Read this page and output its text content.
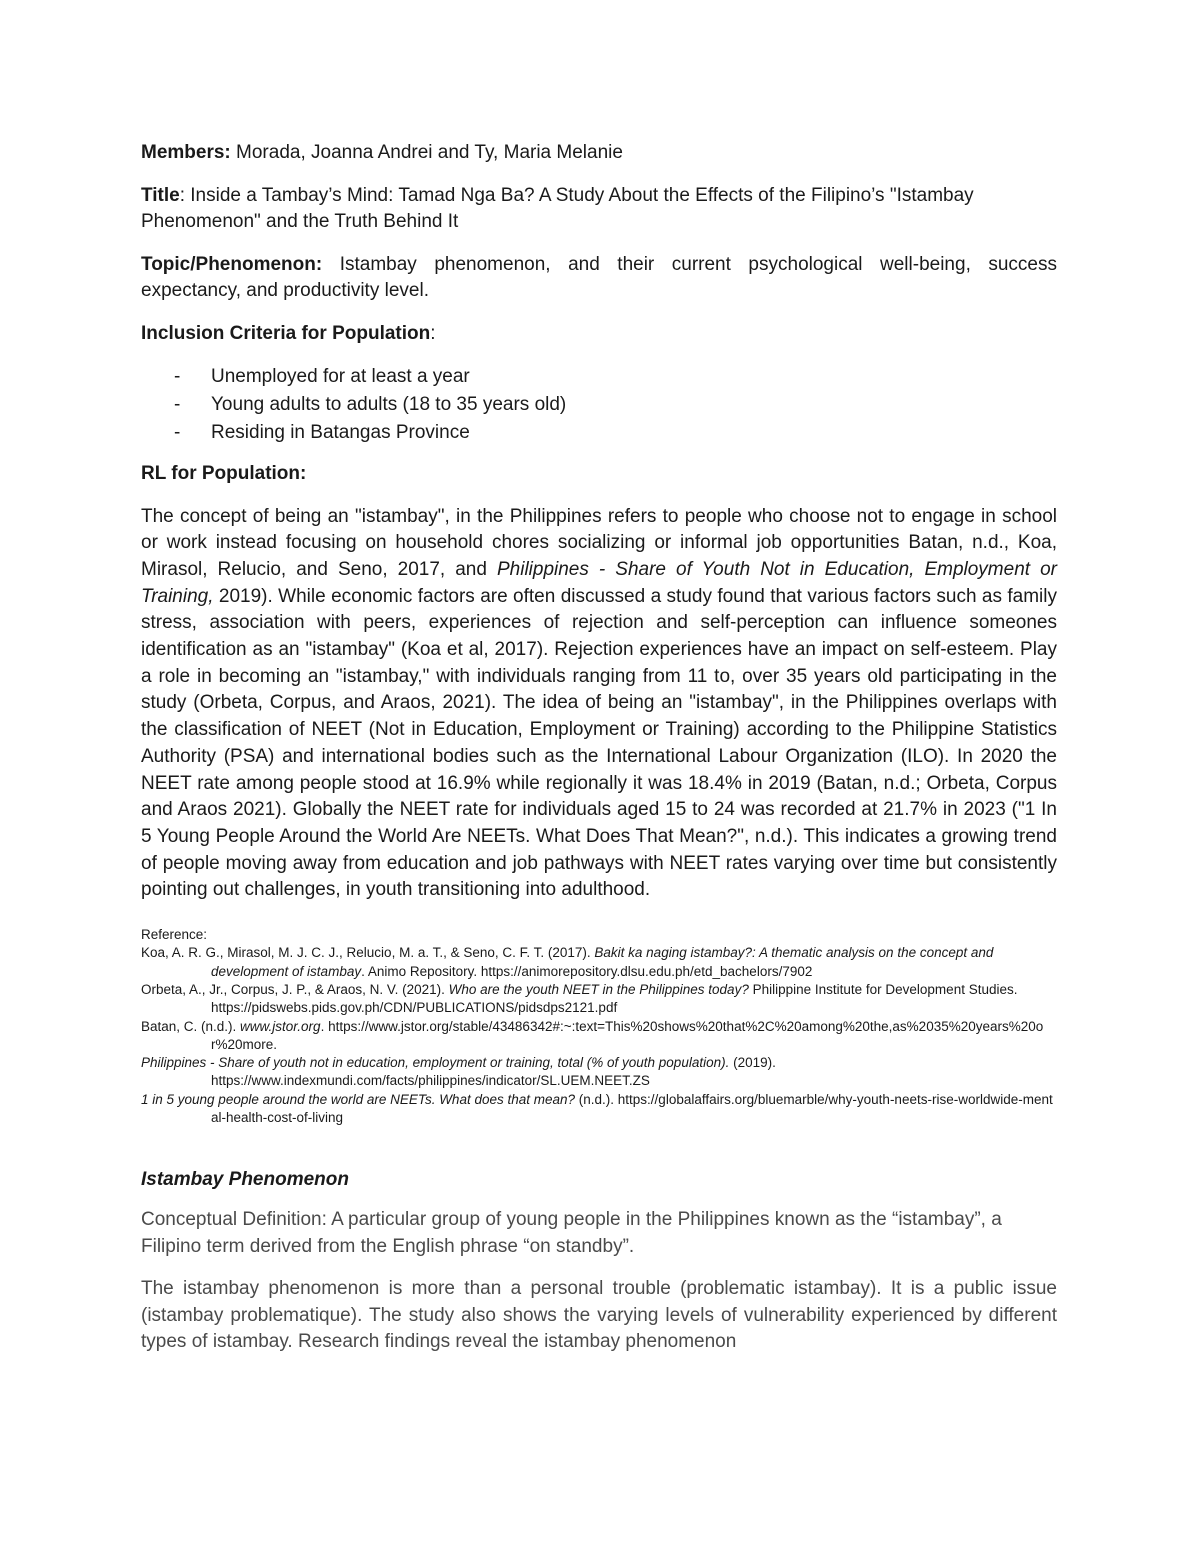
Members: Morada, Joanna Andrei and Ty, Maria Melanie

Title: Inside a Tambay’s Mind: Tamad Nga Ba? A Study About the Effects of the Filipino’s "Istambay Phenomenon" and the Truth Behind It

Topic/Phenomenon: Istambay phenomenon, and their current psychological well-being, success expectancy, and productivity level.

Inclusion Criteria for Population:

- Unemployed for at least a year
- Young adults to adults (18 to 35 years old)
- Residing in Batangas Province

RL for Population:

The concept of being an "istambay", in the Philippines refers to people who choose not to engage in school or work instead focusing on household chores socializing or informal job opportunities Batan, n.d., Koa, Mirasol, Relucio, and Seno, 2017, and Philippines - Share of Youth Not in Education, Employment or Training, 2019). While economic factors are often discussed a study found that various factors such as family stress, association with peers, experiences of rejection and self-perception can influence someones identification as an "istambay" (Koa et al, 2017). Rejection experiences have an impact on self-esteem. Play a role in becoming an "istambay," with individuals ranging from 11 to, over 35 years old participating in the study (Orbeta, Corpus, and Araos, 2021). The idea of being an "istambay", in the Philippines overlaps with the classification of NEET (Not in Education, Employment or Training) according to the Philippine Statistics Authority (PSA) and international bodies such as the International Labour Organization (ILO). In 2020 the NEET rate among people stood at 16.9% while regionally it was 18.4% in 2019 (Batan, n.d.; Orbeta, Corpus and Araos 2021). Globally the NEET rate for individuals aged 15 to 24 was recorded at 21.7% in 2023 ("1 In 5 Young People Around the World Are NEETs. What Does That Mean?", n.d.). This indicates a growing trend of people moving away from education and job pathways with NEET rates varying over time but consistently pointing out challenges, in youth transitioning into adulthood.

Reference:

Koa, A. R. G., Mirasol, M. J. C. J., Relucio, M. a. T., & Seno, C. F. T. (2017). Bakit ka naging istambay?: A thematic analysis on the concept and development of istambay. Animo Repository. https://animorepository.dlsu.edu.ph/etd_bachelors/7902

Orbeta, A., Jr., Corpus, J. P., & Araos, N. V. (2021). Who are the youth NEET in the Philippines today? Philippine Institute for Development Studies. https://pidswebs.pids.gov.ph/CDN/PUBLICATIONS/pidsdps2121.pdf

Batan, C. (n.d.). www.jstor.org. https://www.jstor.org/stable/43486342#:~:text=This%20shows%20that%2C%20among%20the,as%2035%20years%20or%20more.

Philippines - Share of youth not in education, employment or training, total (% of youth population). (2019). https://www.indexmundi.com/facts/philippines/indicator/SL.UEM.NEET.ZS

1 in 5 young people around the world are NEETs. What does that mean? (n.d.). https://globalaffairs.org/bluemarble/why-youth-neets-rise-worldwide-mental-health-cost-of-living

Istambay Phenomenon

Conceptual Definition: A particular group of young people in the Philippines known as the “istambay”, a Filipino term derived from the English phrase “on standby”.

The istambay phenomenon is more than a personal trouble (problematic istambay). It is a public issue (istambay problematique). The study also shows the varying levels of vulnerability experienced by different types of istambay. Research findings reveal the istambay phenomenon
